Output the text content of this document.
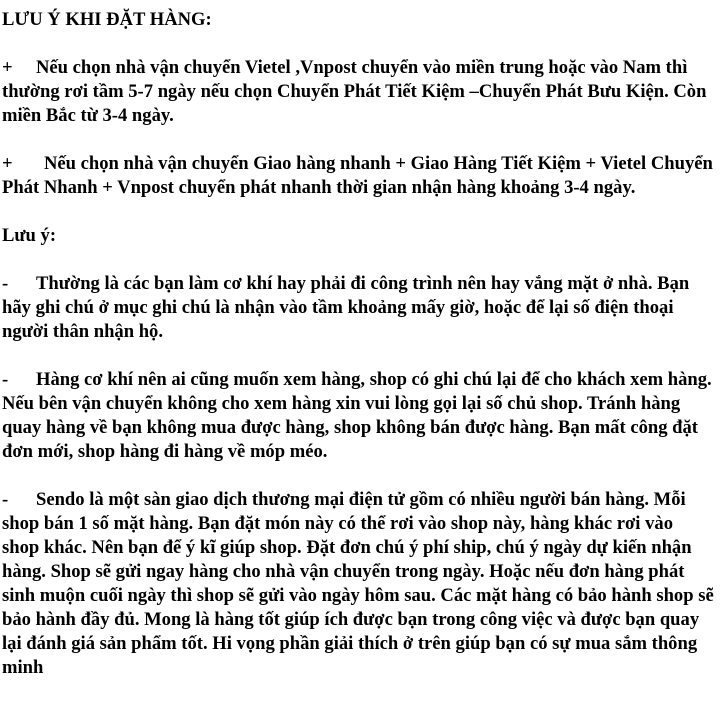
LƯU Ý KHI ĐẶT HÀNG:

+ Nếu chọn nhà vận chuyển Vietel ,Vnpost chuyển vào miền trung hoặc vào Nam thì thường rơi tầm 5-7 ngày nếu chọn Chuyển Phát Tiết Kiệm –Chuyển Phát Bưu Kiện. Còn miền Bắc từ 3-4 ngày.

+ Nếu chọn nhà vận chuyển Giao hàng nhanh + Giao Hàng Tiết Kiệm + Vietel Chuyển Phát Nhanh + Vnpost chuyển phát nhanh thời gian nhận hàng khoảng 3-4 ngày.

Lưu ý:

- Thường là các bạn làm cơ khí hay phải đi công trình nên hay vắng mặt ở nhà. Bạn hãy ghi chú ở mục ghi chú là nhận vào tầm khoảng mấy giờ, hoặc để lại số điện thoại người thân nhận hộ.

- Hàng cơ khí nên ai cũng muốn xem hàng, shop có ghi chú lại để cho khách xem hàng. Nếu bên vận chuyển không cho xem hàng xin vui lòng gọi lại số chủ shop. Tránh hàng quay hàng về bạn không mua được hàng, shop không bán được hàng. Bạn mất công đặt đơn mới, shop hàng đi hàng về móp méo.

- Sendo là một sàn giao dịch thương mại điện tử gồm có nhiều người bán hàng. Mỗi shop bán 1 số mặt hàng. Bạn đặt món này có thể rơi vào shop này, hàng khác rơi vào shop khác. Nên bạn để ý kĩ giúp shop. Đặt đơn chú ý phí ship, chú ý ngày dự kiến nhận hàng. Shop sẽ gửi ngay hàng cho nhà vận chuyển trong ngày. Hoặc nếu đơn hàng phát sinh muộn cuối ngày thì shop sẽ gửi vào ngày hôm sau. Các mặt hàng có bảo hành shop sẽ bảo hành đầy đủ. Mong là hàng tốt giúp ích được bạn trong công việc và được bạn quay lại đánh giá sản phẩm tốt. Hi vọng phần giải thích ở trên giúp bạn có sự mua sắm thông minh
